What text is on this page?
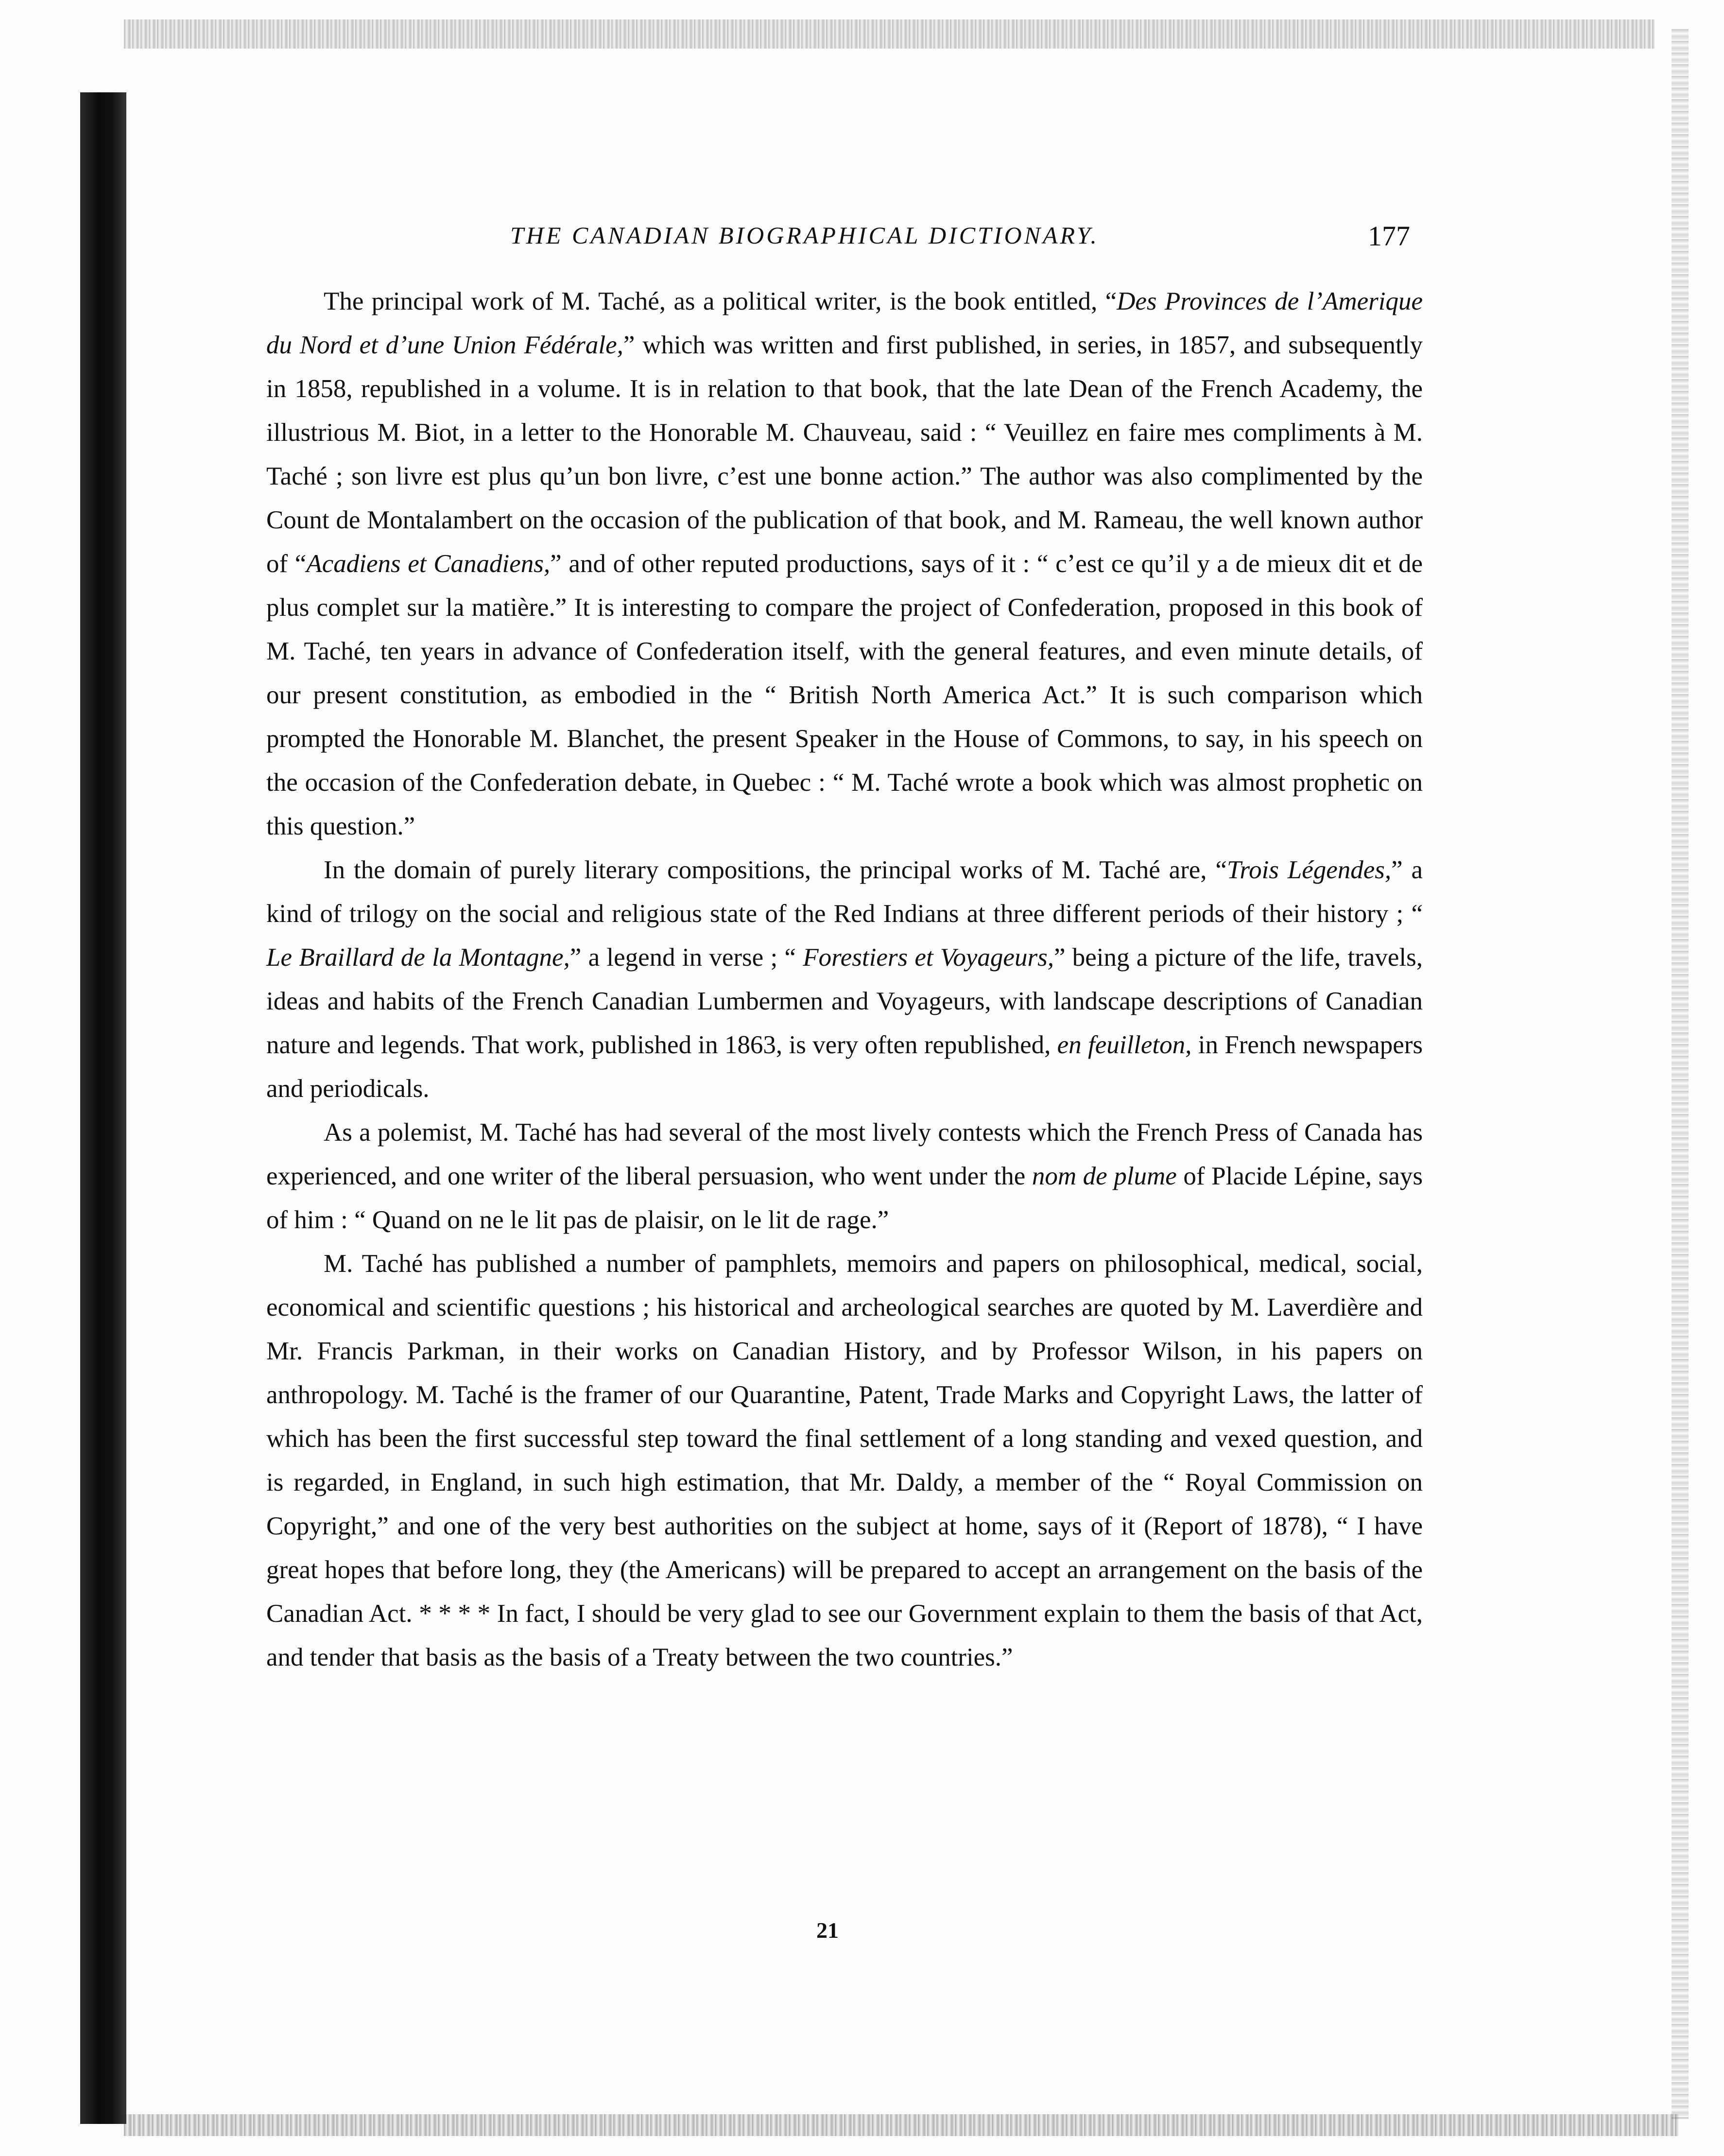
THE CANADIAN BIOGRAPHICAL DICTIONARY.	177

The principal work of M. Taché, as a political writer, is the book entitled, “Des Provinces de l’Amerique du Nord et d’une Union Fédérale,” which was written and first published, in series, in 1857, and subsequently in 1858, republished in a volume. It is in relation to that book, that the late Dean of the French Academy, the illustrious M. Biot, in a letter to the Honorable M. Chauveau, said : “ Veuillez en faire mes compliments à M. Taché ; son livre est plus qu’un bon livre, c’est une bonne action.” The author was also complimented by the Count de Montalambert on the occasion of the publication of that book, and M. Rameau, the well known author of “Acadiens et Canadiens,” and of other reputed productions, says of it : “ c’est ce qu’il y a de mieux dit et de plus complet sur la matière.” It is interesting to compare the project of Confederation, proposed in this book of M. Taché, ten years in advance of Confederation itself, with the general features, and even minute details, of our present constitution, as embodied in the “ British North America Act.” It is such comparison which prompted the Honorable M. Blanchet, the present Speaker in the House of Commons, to say, in his speech on the occasion of the Confederation debate, in Quebec : “ M. Taché wrote a book which was almost prophetic on this question.”

In the domain of purely literary compositions, the principal works of M. Taché are, “Trois Légendes,” a kind of trilogy on the social and religious state of the Red Indians at three different periods of their history ; “ Le Braillard de la Montagne,” a legend in verse ; “ Forestiers et Voyageurs,” being a picture of the life, travels, ideas and habits of the French Canadian Lumbermen and Voyageurs, with landscape descriptions of Canadian nature and legends. That work, published in 1863, is very often republished, en feuilleton, in French newspapers and periodicals.

As a polemist, M. Taché has had several of the most lively contests which the French Press of Canada has experienced, and one writer of the liberal persuasion, who went under the nom de plume of Placide Lépine, says of him : “ Quand on ne le lit pas de plaisir, on le lit de rage.”

M. Taché has published a number of pamphlets, memoirs and papers on philosophical, medical, social, economical and scientific questions ; his historical and archeological searches are quoted by M. Laverdière and Mr. Francis Parkman, in their works on Canadian History, and by Professor Wilson, in his papers on anthropology. M. Taché is the framer of our Quarantine, Patent, Trade Marks and Copyright Laws, the latter of which has been the first successful step toward the final settlement of a long standing and vexed question, and is regarded, in England, in such high estimation, that Mr. Daldy, a member of the “ Royal Commission on Copyright,” and one of the very best authorities on the subject at home, says of it (Report of 1878), “ I have great hopes that before long, they (the Americans) will be prepared to accept an arrangement on the basis of the Canadian Act. * * * * In fact, I should be very glad to see our Government explain to them the basis of that Act, and tender that basis as the basis of a Treaty between the two countries.”

21
